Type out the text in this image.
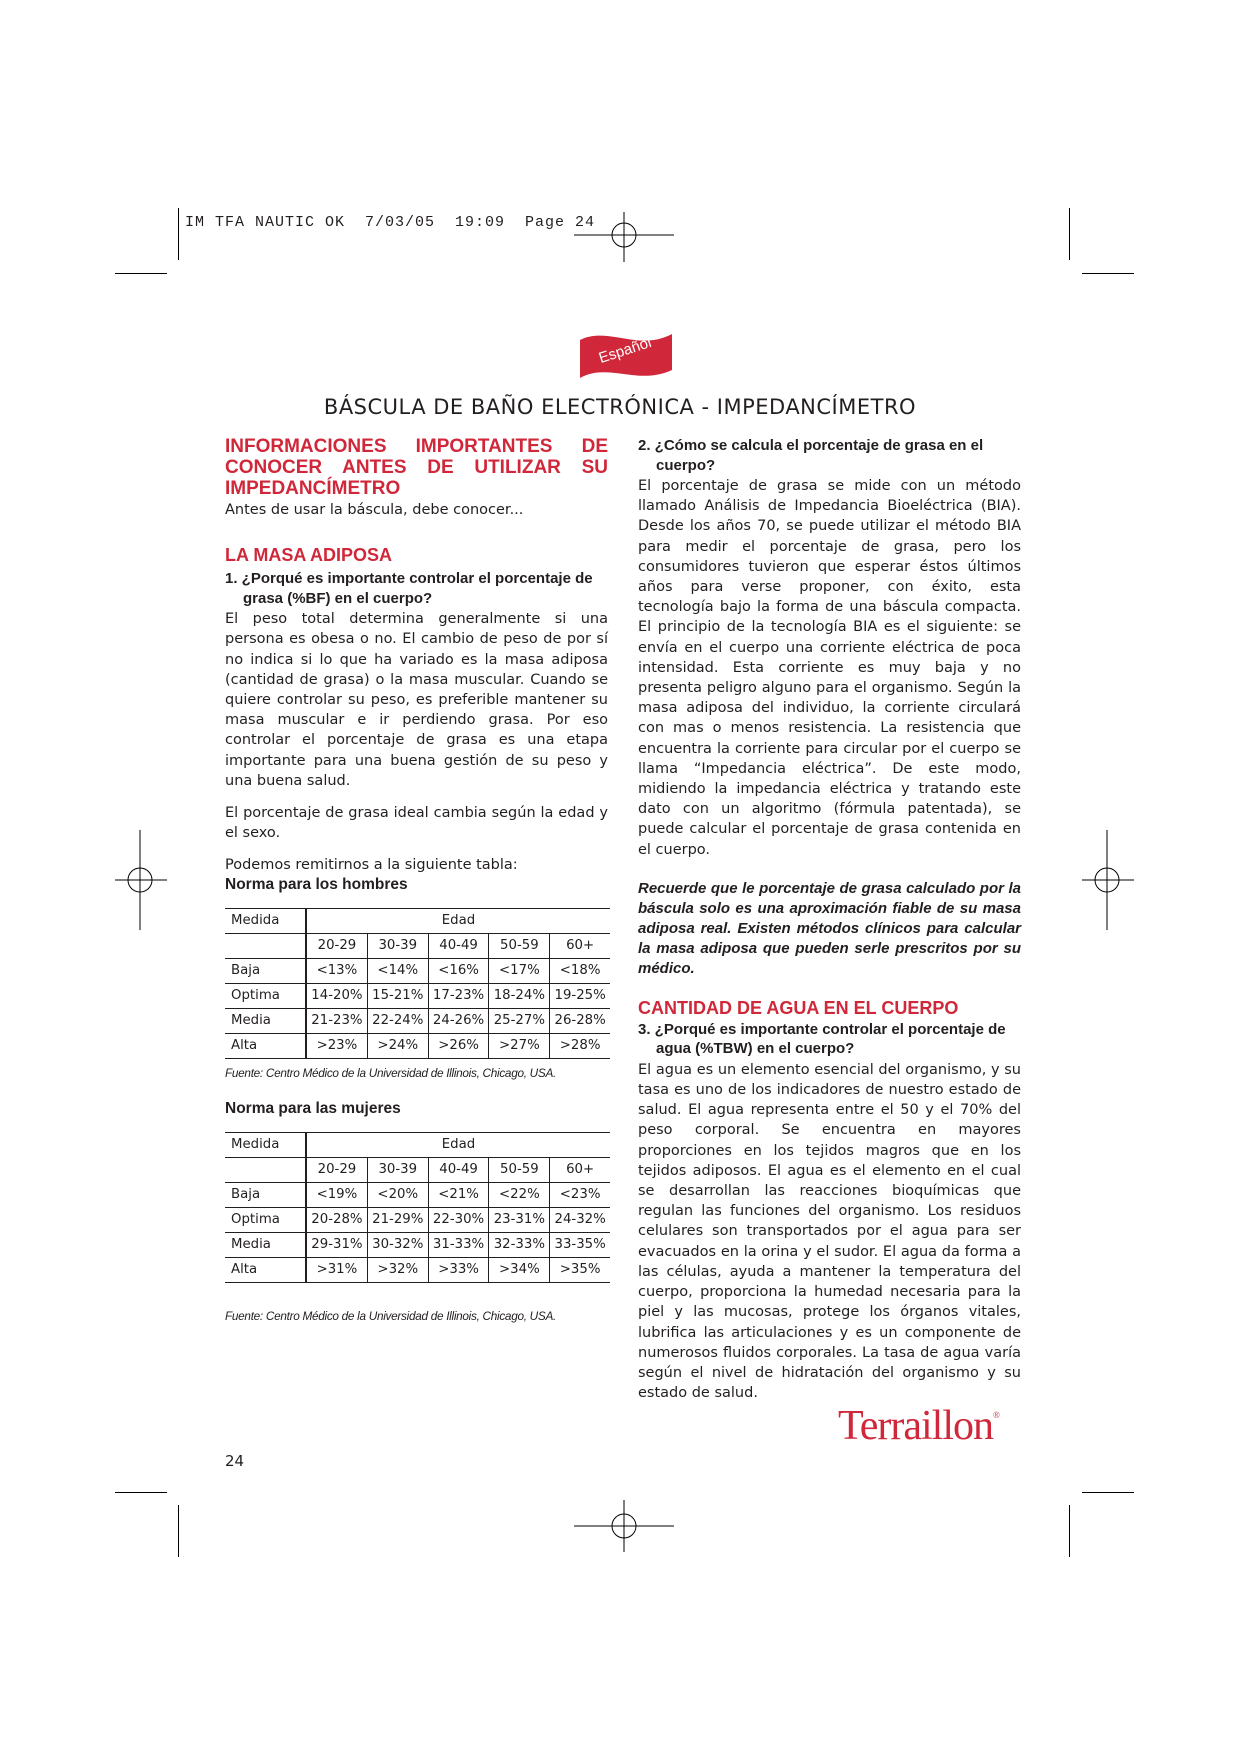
IM TFA NAUTIC OK  7/03/05  19:09  Page 24
Español
BÁSCULA DE BAÑO ELECTRÓNICA - IMPEDANCÍMETRO
INFORMACIONES IMPORTANTES DE
CONOCER ANTES DE UTILIZAR SU
IMPEDANCÍMETRO

Antes de usar la báscula, debe conocer...

LA MASA ADIPOSA

1. ¿Porqué es importante controlar el porcentaje de grasa (%BF) en el cuerpo?

El peso total determina generalmente si una persona es obesa o no. El cambio de peso de por sí no indica si lo que ha variado es la masa adiposa (cantidad de grasa) o la masa muscular. Cuando se quiere controlar su peso, es preferible mantener su masa muscular e ir perdiendo grasa. Por eso controlar el porcentaje de grasa es una etapa importante para una buena gestión de su peso y una buena salud.

El porcentaje de grasa ideal cambia según la edad y el sexo.

Podemos remitirnos a la siguiente tabla:

Norma para los hombres

Medida	Edad				
	20-29	30-39	40-49	50-59	60+
Baja	<13%	<14%	<16%	<17%	<18%
Optima	14-20%	15-21%	17-23%	18-24%	19-25%
Media	21-23%	22-24%	24-26%	25-27%	26-28%
Alta	>23%	>24%	>26%	>27%	>28%

Fuente: Centro Médico de la Universidad de Illinois, Chicago, USA.

Norma para las mujeres

Medida	Edad				
	20-29	30-39	40-49	50-59	60+
Baja	<19%	<20%	<21%	<22%	<23%
Optima	20-28%	21-29%	22-30%	23-31%	24-32%
Media	29-31%	30-32%	31-33%	32-33%	33-35%
Alta	>31%	>32%	>33%	>34%	>35%

Fuente: Centro Médico de la Universidad de Illinois, Chicago, USA.

2. ¿Cómo se calcula el porcentaje de grasa en el cuerpo?

El porcentaje de grasa se mide con un método llamado Análisis de Impedancia Bioeléctrica (BIA). Desde los años 70, se puede utilizar el método BIA para medir el porcentaje de grasa, pero los consumidores tuvieron que esperar éstos últimos años para verse proponer, con éxito, esta tecnología bajo la forma de una báscula compacta. El principio de la tecnología BIA es el siguiente: se envía en el cuerpo una corriente eléctrica de poca intensidad. Esta corriente es muy baja y no presenta peligro alguno para el organismo. Según la masa adiposa del individuo, la corriente circulará con mas o menos resistencia. La resistencia que encuentra la corriente para circular por el cuerpo se llama “Impedancia eléctrica”. De este modo, midiendo la impedancia eléctrica y tratando este dato con un algoritmo (fórmula patentada), se puede calcular el porcentaje de grasa contenida en el cuerpo.

Recuerde que le porcentaje de grasa calculado por la báscula solo es una aproximación fiable de su masa adiposa real. Existen métodos clínicos para calcular la masa adiposa que pueden serle prescritos por su médico.

CANTIDAD DE AGUA EN EL CUERPO

3. ¿Porqué es importante controlar el porcentaje de agua (%TBW) en el cuerpo?

El agua es un elemento esencial del organismo, y su tasa es uno de los indicadores de nuestro estado de salud. El agua representa entre el 50 y el 70% del peso corporal. Se encuentra en mayores proporciones en los tejidos magros que en los tejidos adiposos. El agua es el elemento en el cual se desarrollan las reacciones bioquímicas que regulan las funciones del organismo. Los residuos celulares son transportados por el agua para ser evacuados en la orina y el sudor. El agua da forma a las células, ayuda a mantener la temperatura del cuerpo, proporciona la humedad necesaria para la piel y las mucosas, protege los órganos vitales, lubrifica las articulaciones y es un componente de numerosos fluidos corporales. La tasa de agua varía según el nivel de hidratación del organismo y su estado de salud.

Terraillon®
24
